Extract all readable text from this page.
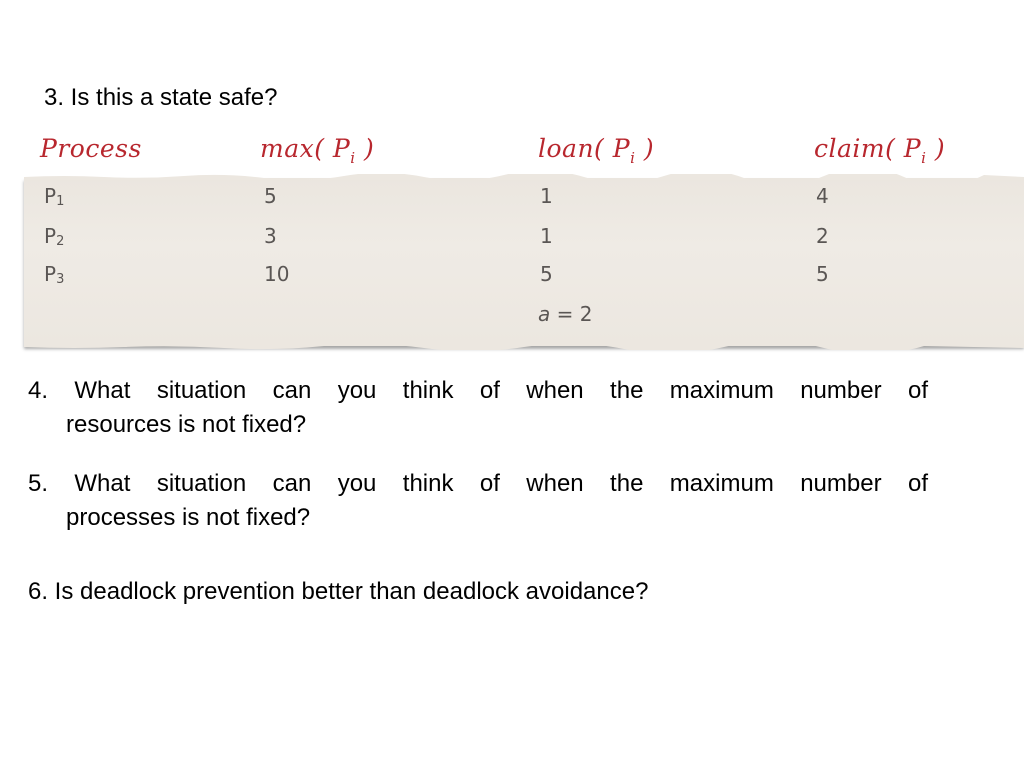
3. Is this a state safe?
Process	max( $P_i$ )	loan( $P_i$ )	claim( $P_i$ )
$P_1$	5	1	4
$P_2$	3	1	2
$P_3$	10	5	5
a = 2
4. What situation can you think of when the maximum number of
resources is not fixed?
5. What situation can you think of when the maximum number of
processes is not fixed?
6. Is deadlock prevention better than deadlock avoidance?
